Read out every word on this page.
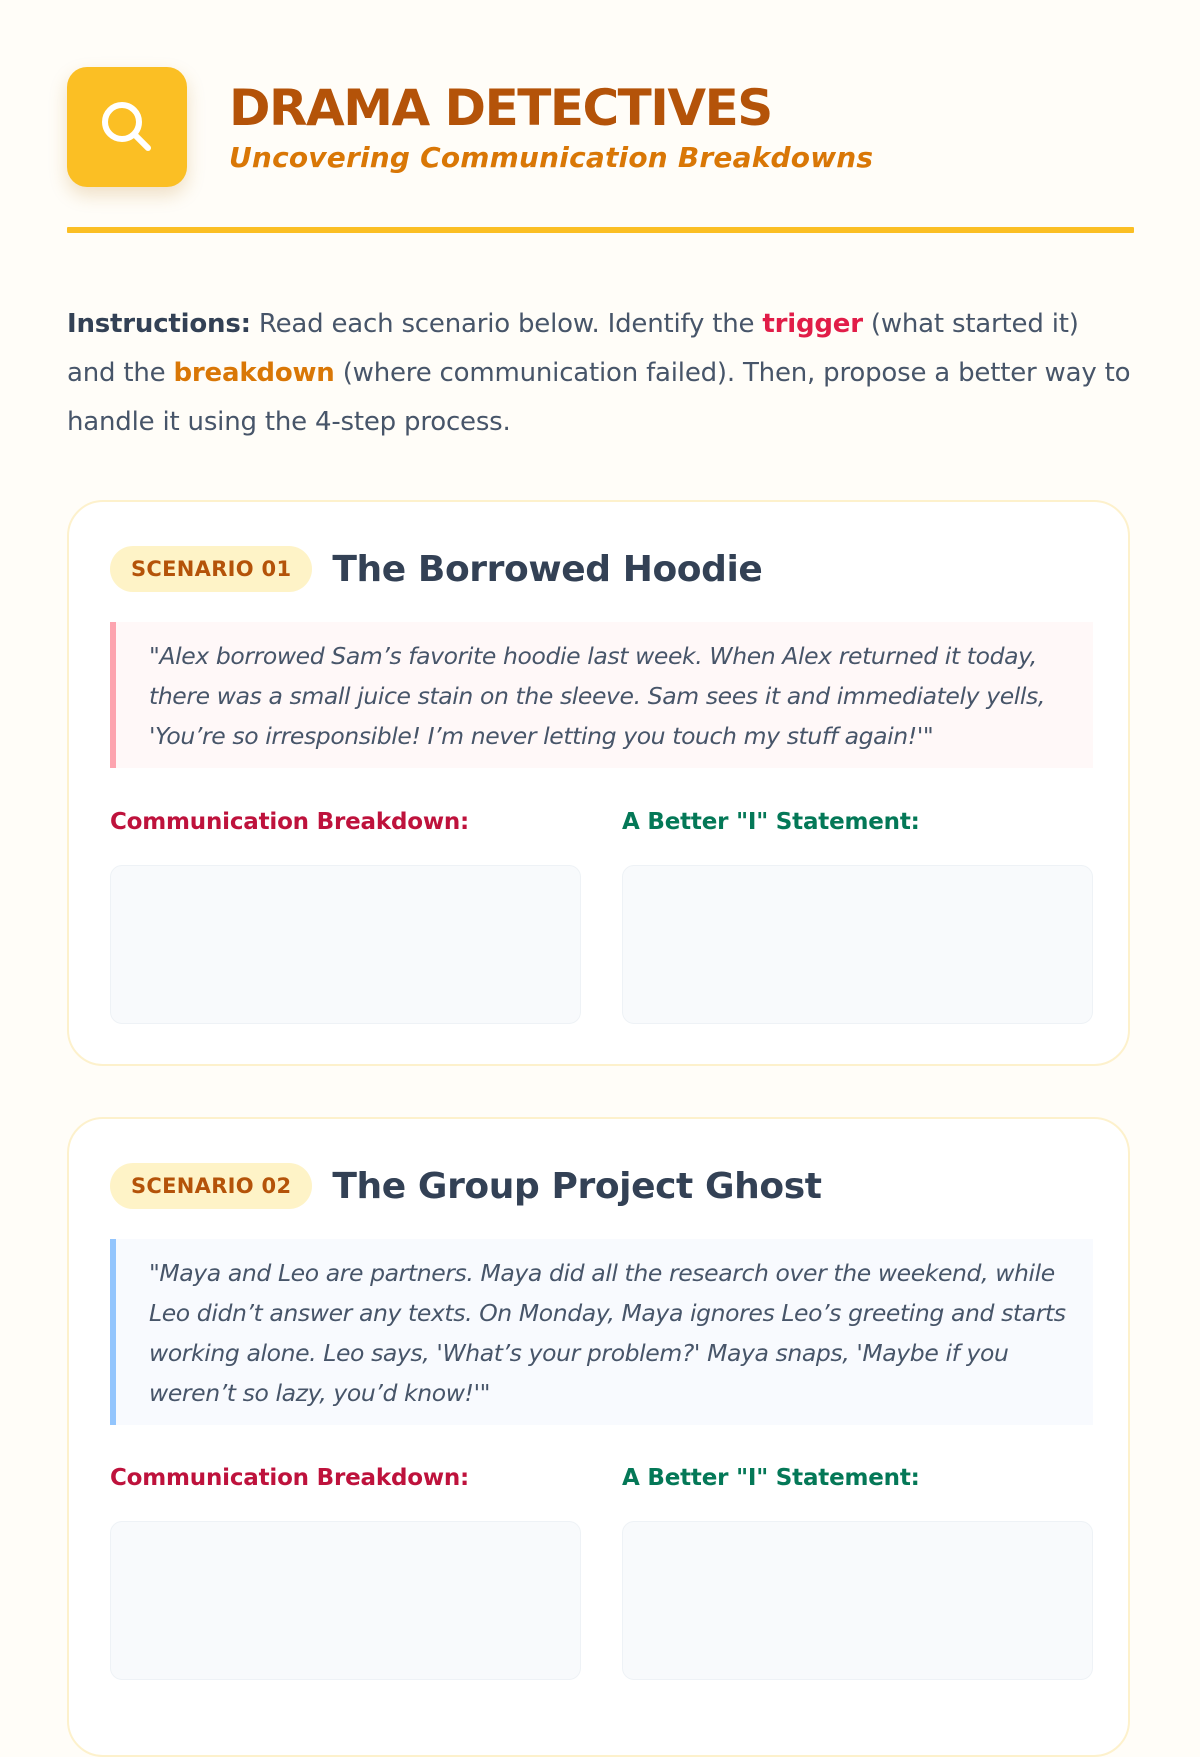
DRAMA DETECTIVES
Uncovering Communication Breakdowns
Instructions: Read each scenario below. Identify the trigger (what started it) and the breakdown (where communication failed). Then, propose a better way to handle it using the 4-step process.
SCENARIO 01	The Borrowed Hoodie
"Alex borrowed Sam’s favorite hoodie last week. When Alex returned it today, there was a small juice stain on the sleeve. Sam sees it and immediately yells, 'You’re so irresponsible! I’m never letting you touch my stuff again!'"
Communication Breakdown:	A Better "I" Statement:
SCENARIO 02	The Group Project Ghost
"Maya and Leo are partners. Maya did all the research over the weekend, while Leo didn’t answer any texts. On Monday, Maya ignores Leo’s greeting and starts working alone. Leo says, 'What’s your problem?' Maya snaps, 'Maybe if you weren’t so lazy, you’d know!'"
Communication Breakdown:	A Better "I" Statement:
